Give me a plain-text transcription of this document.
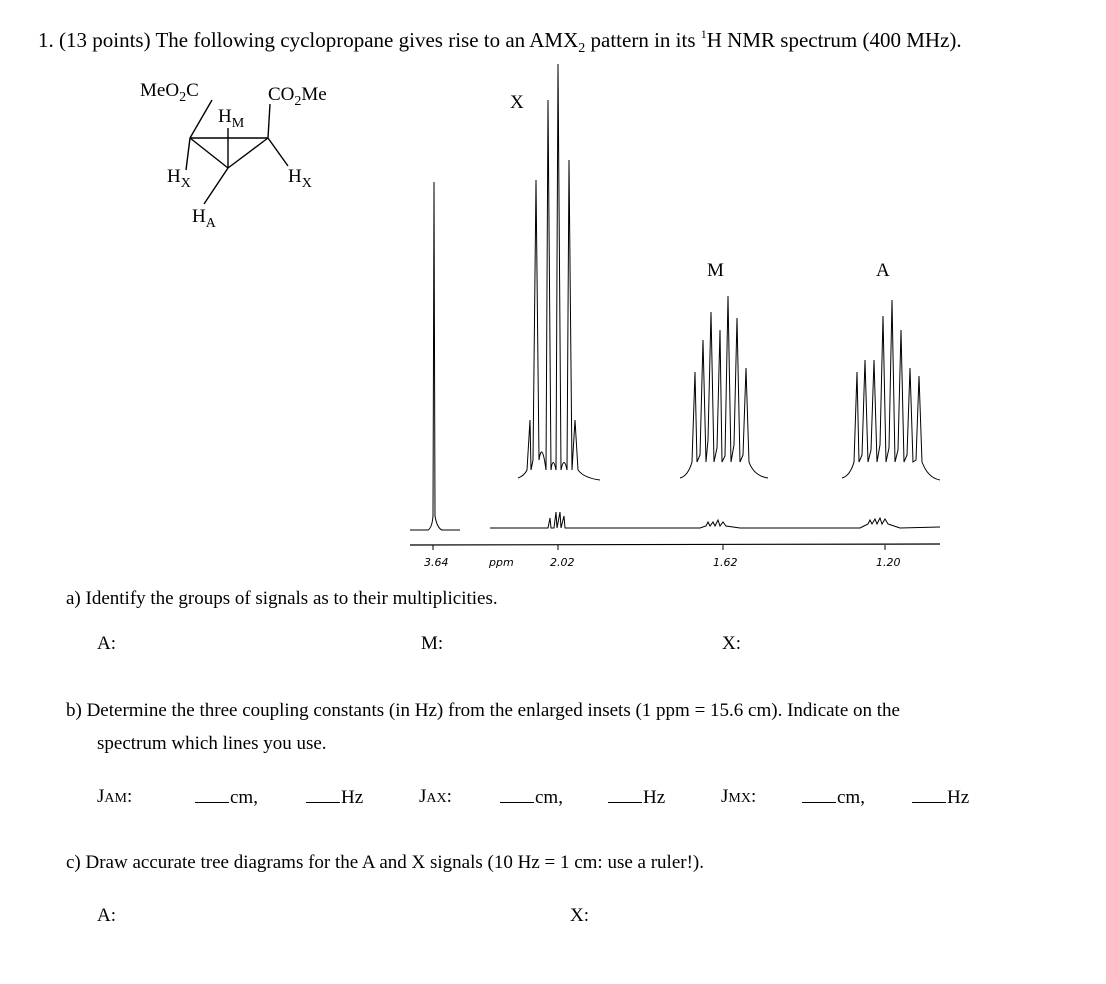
1. (13 points) The following cyclopropane gives rise to an $AMX_2$ pattern in its $^1$H NMR spectrum (400 MHz).
MeO$_2$C	$CO_2Me$
$H_M$
$H_X$	$H_X$
$H_A$
X
M	A
3.64	ppm	2.02	1.62	1.20
a) Identify the groups of signals as to their multiplicities.
A:	M:	X:
b) Determine the three coupling constants (in Hz) from the enlarged insets (1 ppm = 15.6 cm). Indicate on the
spectrum which lines you use.
JAM:	cm,	Hz	JAX:	cm,	Hz	JMX:	cm,	Hz
c) Draw accurate tree diagrams for the A and X signals (10 Hz = 1 cm: use a ruler!).
A:	X:
